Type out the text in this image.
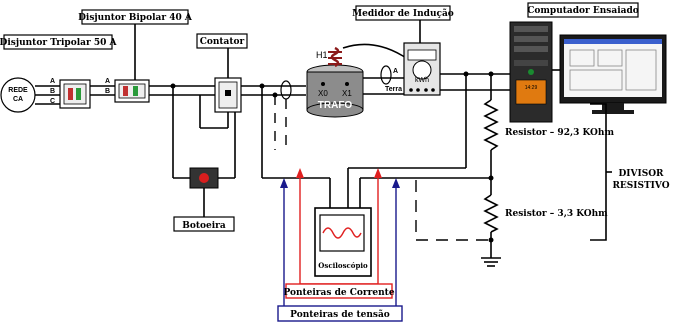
REDE
CA
A
B
C
Disjuntor Tripolar 50 A
A
B
Disjuntor Bipolar 40 A
Botoeira
Contator
H1
X0 X1
TRAFO
kWh
Medidor de Indução
A
Terra	14:29
Computador Ensaiado
Resistor – 92,3 KOhm
Resistor – 3,3 KOhm
DIVISOR
RESISTIVO
Osciloscópio
Ponteiras de Corrente
Ponteiras de tensão
